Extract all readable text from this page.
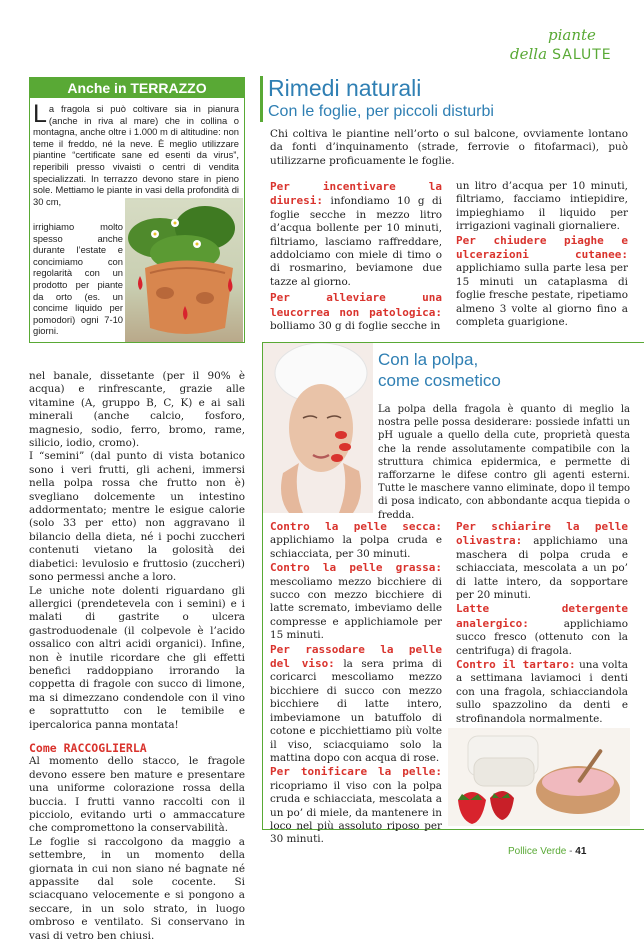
piante
della SALUTE
Anche in TERRAZZO
L a fragola si può coltivare sia in pianura (anche in riva al mare) che in collina o montagna, anche oltre i 1.000 m di altitudine: non teme il freddo, né la neve. È meglio utilizzare piantine “certificate sane ed esenti da virus”, reperibili presso vivaisti o centri di vendita specializzati. In terrazzo devono stare in pieno sole. Mettiamo le piante in vasi della profondità di 30 cm,
irrighiamo molto spesso anche durante l’estate e concimiamo con regolarità con un prodotto per piante da orto (es. un concime liquido per pomodori) ogni 7-10 giorni.

nel banale, dissetante (per il 90% è acqua) e rinfrescante, grazie alle vitamine (A, gruppo B, C, K) e ai sali minerali (anche calcio, fosforo, magnesio, sodio, ferro, bromo, rame, silicio, iodio, cromo).

I “semini” (dal punto di vista botanico sono i veri frutti, gli acheni, immersi nella polpa rossa che frutto non è) svegliano dolcemente un intestino addormentato; mentre le esigue calorie (solo 33 per etto) non aggravano il bilancio della dieta, né i pochi zuccheri contenuti vietano la golosità dei diabetici: levulosio e fruttosio (zuccheri) sono permessi anche a loro.

Le uniche note dolenti riguardano gli allergici (prendetevela con i semini) e i malati di gastrite o ulcera gastroduodenale (il colpevole è l’acido ossalico con altri acidi organici). Infine, non è inutile ricordare che gli effetti benefici raddoppiano irrorando la coppetta di fragole con succo di limone, ma si dimezzano condendole con il vino e soprattutto con le temibile e ipercalorica panna montata!

Come RACCOGLIERLA

Al momento dello stacco, le fragole devono essere ben mature e presentare una uniforme colorazione rossa della buccia. I frutti vanno raccolti con il picciolo, evitando urti o ammaccature che compromettono la conservabilità.

Le foglie si raccolgono da maggio a settembre, in un momento della giornata in cui non siano né bagnate né appassite dal sole cocente. Si sciacquano velocemente e si pongono a seccare, in un solo strato, in luogo ombroso e ventilato. Si conservano in vasi di vetro ben chiusi.

Rimedi naturali
Con le foglie, per piccoli disturbi
Chi coltiva le piantine nell’orto o sul balcone, ovviamente lontano da fonti d’inquinamento (strade, ferrovie o fitofarmaci), può utilizzarne proficuamente le foglie.

Per incentivare la diuresi: infondiamo 10 g di foglie secche in mezzo litro d’acqua bollente per 10 minuti, filtriamo, lasciamo raffreddare, addolciamo con miele di timo o di rosmarino, beviamone due tazze al giorno.

Per alleviare una leucorrea non patologica: bolliamo 30 g di foglie secche in

un litro d’acqua per 10 minuti, filtriamo, facciamo intiepidire, impieghiamo il liquido per irrigazioni vaginali giornaliere.

Per chiudere piaghe e ulcerazioni cutanee: applichiamo sulla parte lesa per 15 minuti un cataplasma di foglie fresche pestate, ripetiamo almeno 3 volte al giorno fino a completa guarigione.

Con la polpa,
come cosmetico
La polpa della fragola è quanto di meglio la nostra pelle possa desiderare: possiede infatti un pH uguale a quello della cute, proprietà questa che la rende assolutamente compatibile con la struttura chimica epidermica, e permette di rafforzarne le difese contro gli agenti esterni. Tutte le maschere vanno eliminate, dopo il tempo di posa indicato, con abbondante acqua tiepida o fredda.

Contro la pelle secca: applichiamo la polpa cruda e schiacciata, per 30 minuti.

Contro la pelle grassa: mescoliamo mezzo bicchiere di succo con mezzo bicchiere di latte scremato, imbeviamo delle compresse e applichiamole per 15 minuti.

Per rassodare la pelle del viso: la sera prima di coricarci mescoliamo mezzo bicchiere di succo con mezzo bicchiere di latte intero, imbeviamone un batuffolo di cotone e picchiettiamo più volte il viso, sciacquiamo solo la mattina dopo con acqua di rose.

Per tonificare la pelle: ricopriamo il viso con la polpa cruda e schiacciata, mescolata a un po’ di miele, da mantenere in loco nel più assoluto riposo per 30 minuti.

Per schiarire la pelle olivastra: applichiamo una maschera di polpa cruda e schiacciata, mescolata a un po’ di latte intero, da sopportare per 20 minuti.

Latte detergente analergico:	applichiamo succo fresco (ottenuto con la centrifuga) di fragola.

Contro il tartaro: una volta a settimana laviamoci i denti con una fragola, schiacciandola sullo spazzolino da denti e strofinandola normalmente.

Pollice Verde - 41
